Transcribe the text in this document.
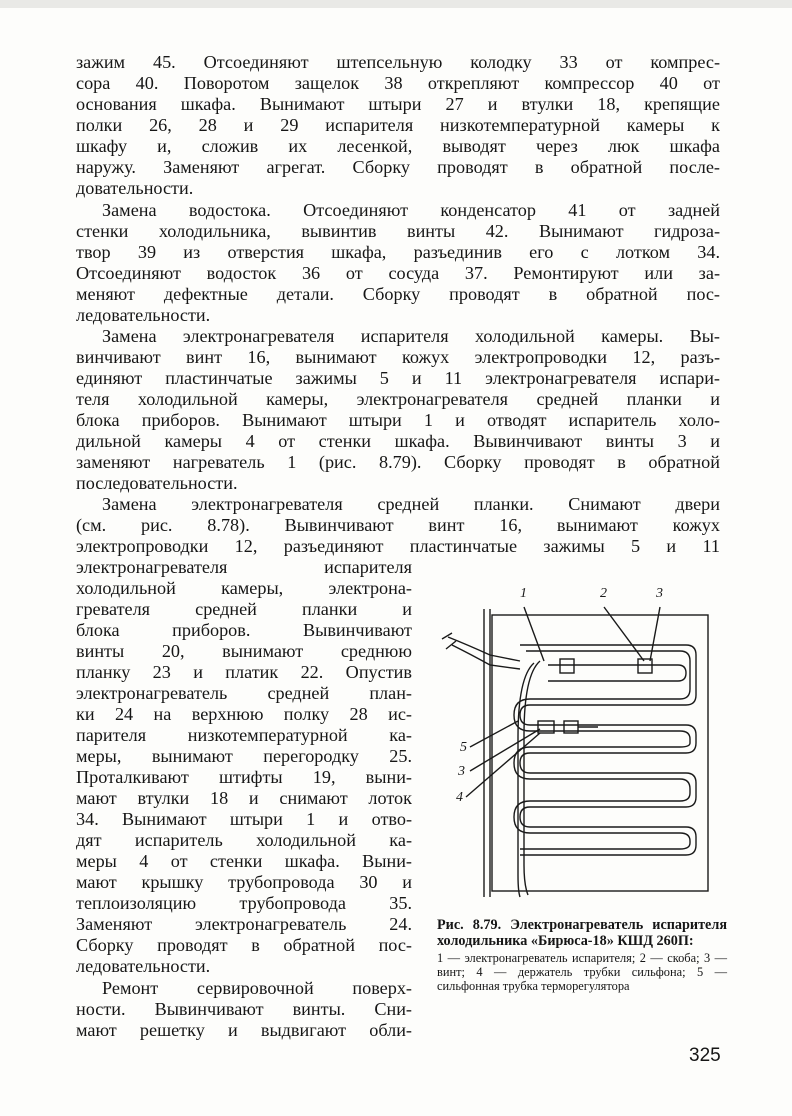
зажим 45. Отсоединяют штепсельную колодку 33 от компрес-
сора 40. Поворотом защелок 38 открепляют компрессор 40 от
основания шкафа. Вынимают штыри 27 и втулки 18, крепящие
полки 26, 28 и 29 испарителя низкотемпературной камеры к
шкафу и, сложив их лесенкой, выводят через люк шкафа
наружу. Заменяют агрегат. Сборку проводят в обратной после-
довательности.
Замена водостока. Отсоединяют конденсатор 41 от задней
стенки холодильника, вывинтив винты 42. Вынимают гидроза-
твор 39 из отверстия шкафа, разъединив его с лотком 34.
Отсоединяют водосток 36 от сосуда 37. Ремонтируют или за-
меняют дефектные детали. Сборку проводят в обратной пос-
ледовательности.
Замена электронагревателя испарителя холодильной камеры. Вы-
винчивают винт 16, вынимают кожух электропроводки 12, разъ-
единяют пластинчатые зажимы 5 и 11 электронагревателя испари-
теля холодильной камеры, электронагревателя средней планки и
блока приборов. Вынимают штыри 1 и отводят испаритель холо-
дильной камеры 4 от стенки шкафа. Вывинчивают винты 3 и
заменяют нагреватель 1 (рис. 8.79). Сборку проводят в обратной
последовательности.
Замена электронагревателя средней планки. Снимают двери
(см. рис. 8.78). Вывинчивают винт 16, вынимают кожух
электропроводки 12, разъединяют пластинчатые зажимы 5 и 11
электронагревателя испарителя
холодильной камеры, электрона-
гревателя средней планки и
блока приборов. Вывинчивают
винты 20, вынимают среднюю
планку 23 и платик 22. Опустив
электронагреватель средней план-
ки 24 на верхнюю полку 28 ис-
парителя низкотемпературной ка-
меры, вынимают перегородку 25.
Проталкивают штифты 19, выни-
мают втулки 18 и снимают лоток
34. Вынимают штыри 1 и отво-
дят испаритель холодильной ка-
меры 4 от стенки шкафа. Выни-
мают крышку трубопровода 30 и
теплоизоляцию трубопровода 35.
Заменяют электронагреватель 24.
Сборку проводят в обратной пос-
ледовательности.
Ремонт сервировочной поверх-
ности. Вывинчивают винты. Сни-
мают решетку и выдвигают обли-
1	2	3
5
3
4
Рис. 8.79. Электронагреватель испарителя холодильника «Бирюса-18» КШД 260П:
1 — электронагреватель испарителя; 2 — скоба; 3 — винт; 4 — держатель трубки сильфона; 5 — сильфонная трубка терморегулятора
325
